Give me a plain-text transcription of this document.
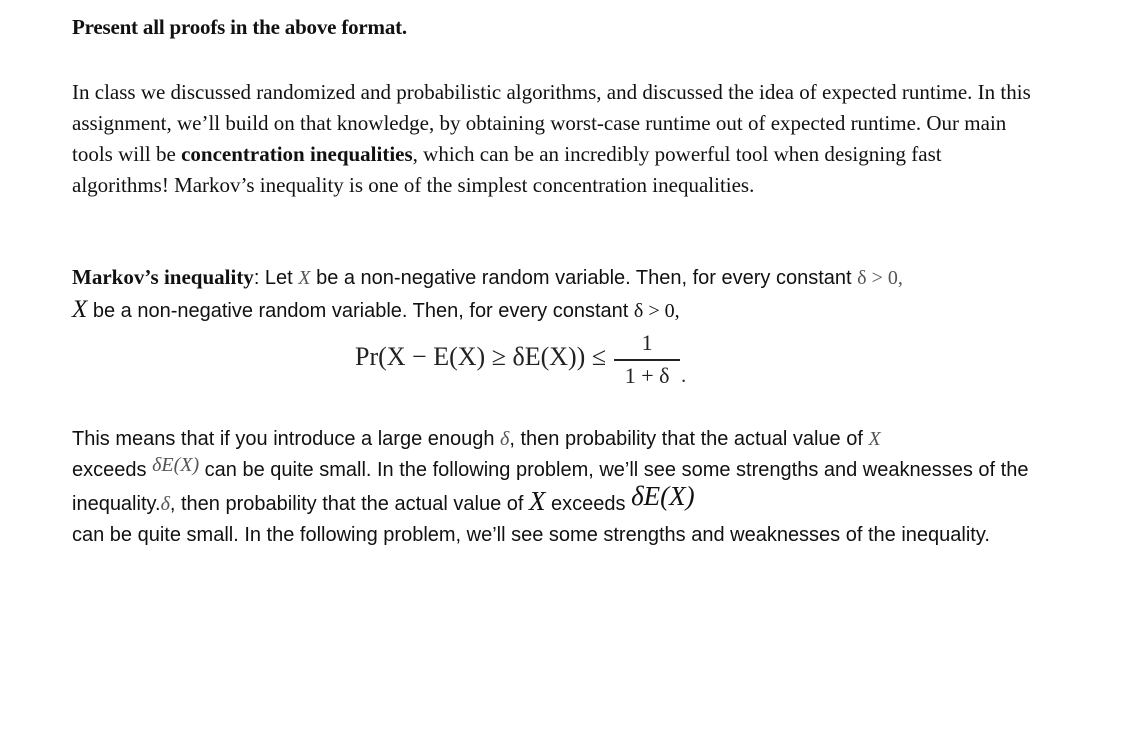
Present all proofs in the above format.
In class we discussed randomized and probabilistic algorithms, and discussed the idea of expected runtime. In this assignment, we’ll build on that knowledge, by obtaining worst-case runtime out of expected runtime. Our main tools will be concentration inequalities, which can be an incredibly powerful tool when designing fast algorithms! Markov’s inequality is one of the simplest concentration inequalities.
Markov’s inequality: Let X be a non-negative random variable. Then, for every constant δ > 0,
X be a non-negative random variable. Then, for every constant δ > 0,
$Pr(X - E(X) \ge \delta E(X)) \le \frac{1}{1 + \delta}$ .
This means that if you introduce a large enough δ, then probability that the actual value of X
exceeds δE(X) can be quite small. In the following problem, we’ll see some strengths and weaknesses of the inequality.δ, then probability that the actual value of X exceeds δE(X)
can be quite small. In the following problem, we’ll see some strengths and weaknesses of the inequality.
